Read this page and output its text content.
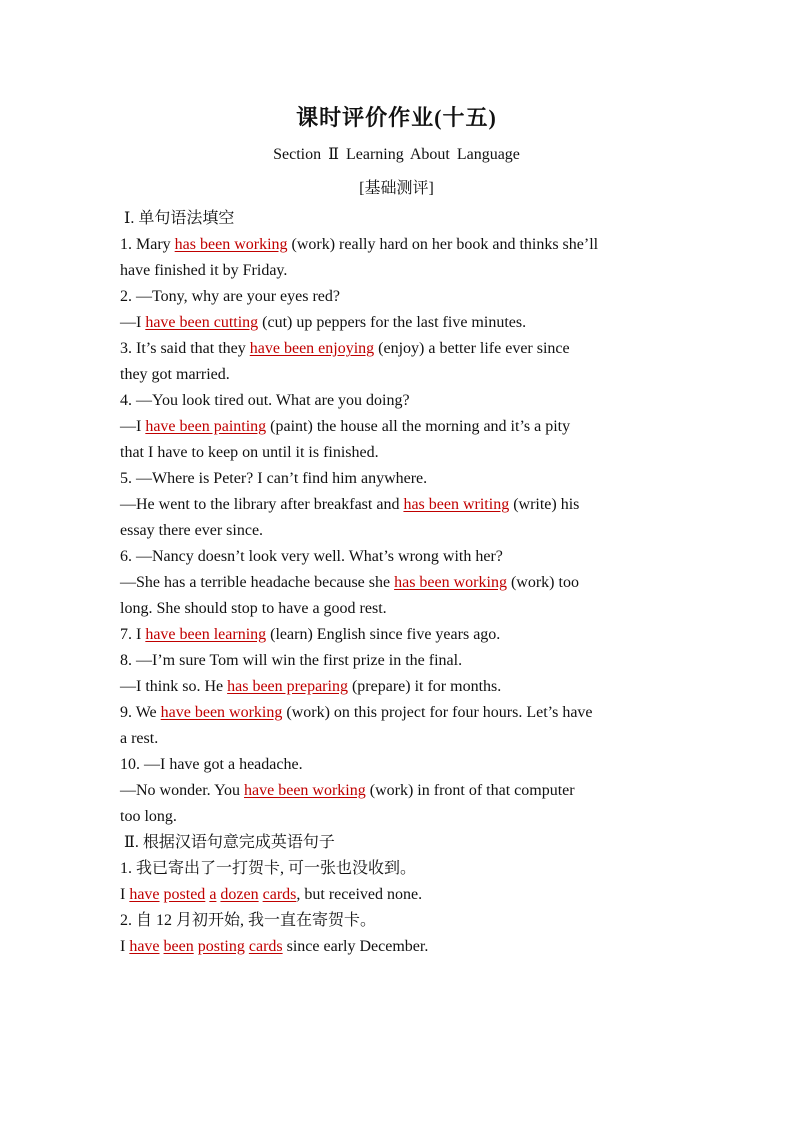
课时评价作业(十五)
Section Ⅱ Learning About Language
[基础测评]
Ⅰ. 单句语法填空

1. Mary has been working (work) really hard on her book and thinks she’ll

have finished it by Friday.

2. —Tony, why are your eyes red?

—I have been cutting (cut) up peppers for the last five minutes.

3. It’s said that they have been enjoying (enjoy) a better life ever since

they got married.

4. —You look tired out. What are you doing?

—I have been painting (paint) the house all the morning and it’s a pity

that I have to keep on until it is finished.

5. —Where is Peter? I can’t find him anywhere.

—He went to the library after breakfast and has been writing (write) his

essay there ever since.

6. —Nancy doesn’t look very well. What’s wrong with her?

—She has a terrible headache because she has been working (work) too

long. She should stop to have a good rest.

7. I have been learning (learn) English since five years ago.

8. —I’m sure Tom will win the first prize in the final.

—I think so. He has been preparing (prepare) it for months.

9. We have been working (work) on this project for four hours. Let’s have

a rest.

10. —I have got a headache.

—No wonder. You have been working (work) in front of that computer

too long.

Ⅱ. 根据汉语句意完成英语句子

1. 我已寄出了一打贺卡, 可一张也没收到。

I have posted a dozen cards, but received none.

2. 自 12 月初开始, 我一直在寄贺卡。

I have been posting cards since early December.
